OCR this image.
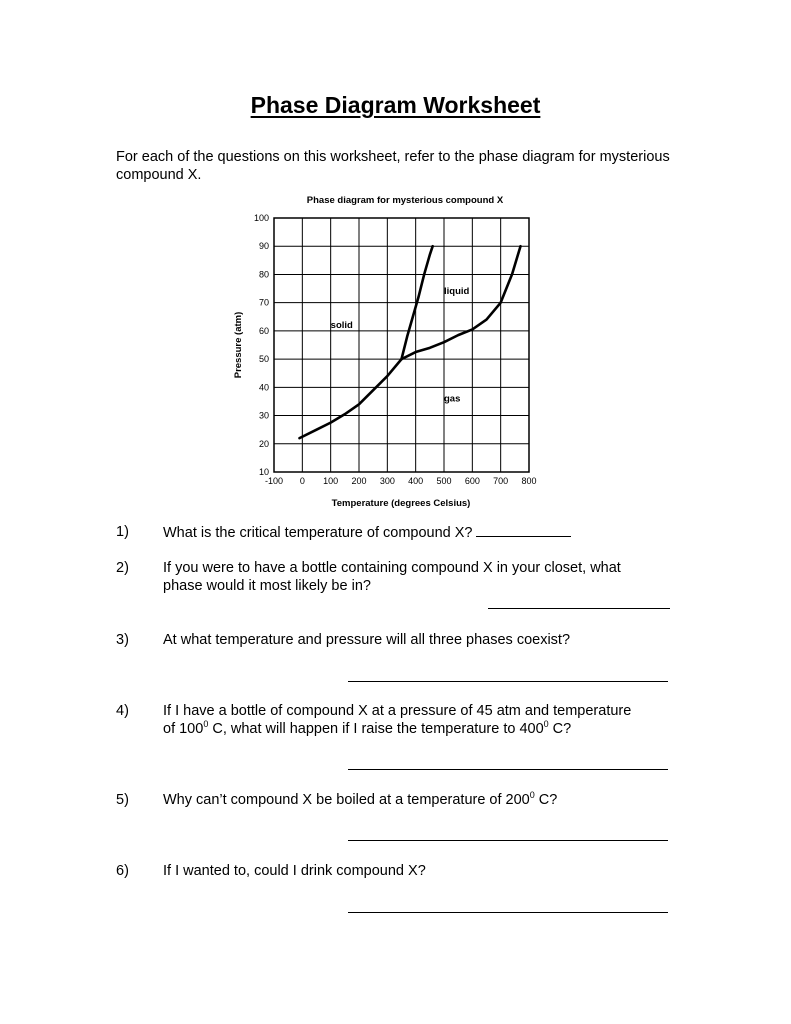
Phase Diagram Worksheet
For each of the questions on this worksheet, refer to the phase diagram for mysterious compound X.
-100 0 100 200 300 400 500 600 700 800
10
20
30
40
50
60
70
80
90
100
Phase diagram for mysterious compound X
Temperature (degrees Celsius)
Pressure (atm)	solid
liquid
gas
1)	What is the critical temperature of compound X?
2)	If you were to have a bottle containing compound X in your closet, what
phase would it most likely be in?
3)	At what temperature and pressure will all three phases coexist?
4)	If I have a bottle of compound X at a pressure of 45 atm and temperature
of $100^0$ C, what will happen if I raise the temperature to $400^0$ C?
5)	Why can’t compound X be boiled at a temperature of $200^0$ C?
6)	If I wanted to, could I drink compound X?
